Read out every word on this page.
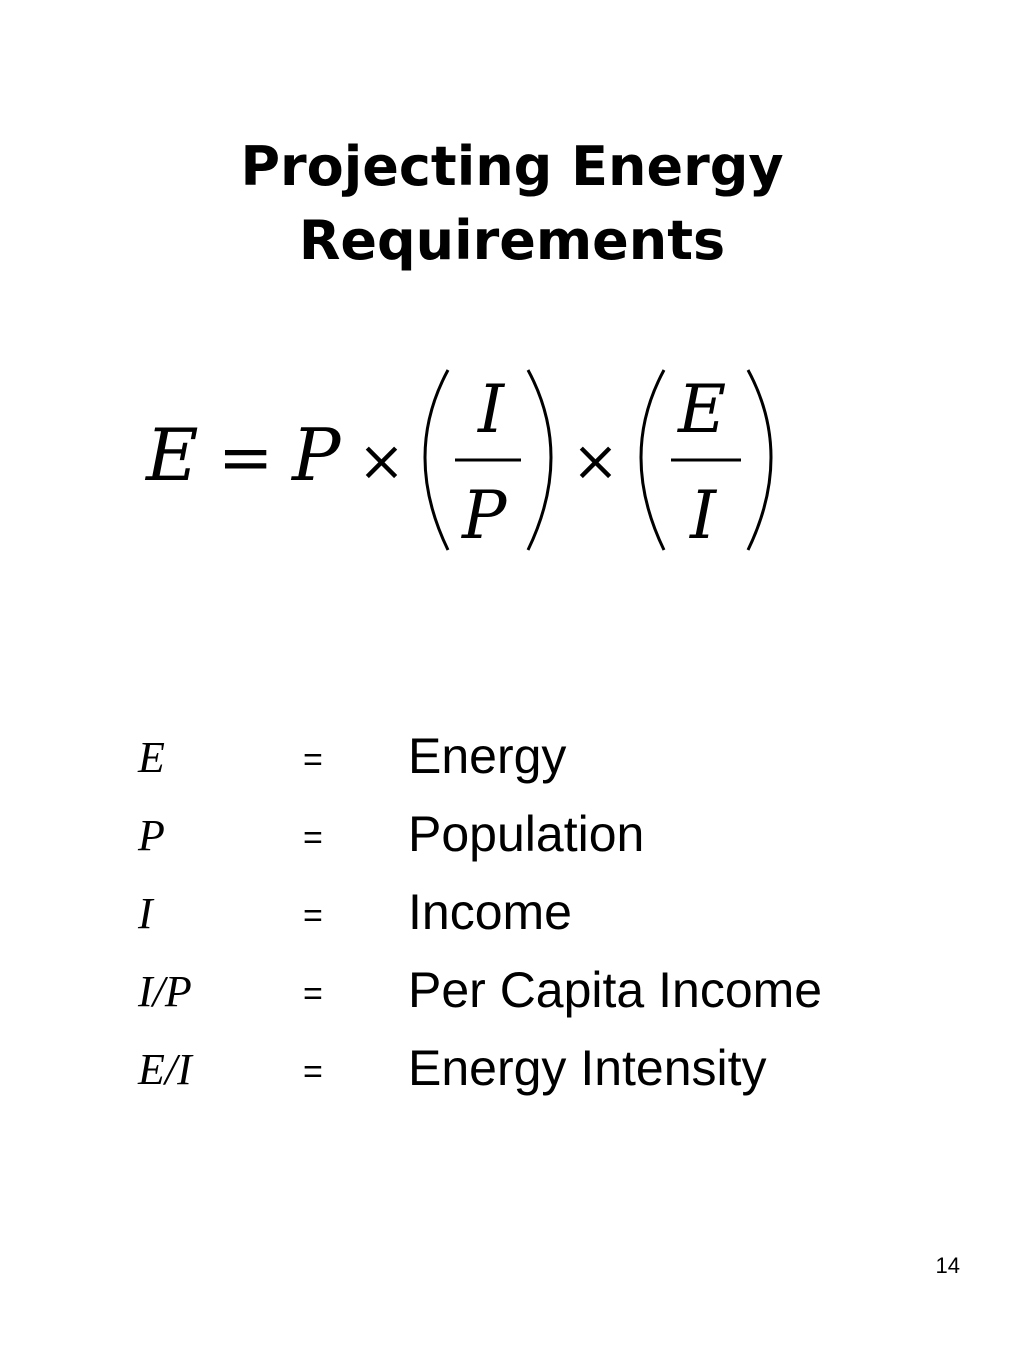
Projecting Energy
Requirements
E = P ×
I
P
×
E
I
E	= Energy
P	= Population
I	= Income
I/P	= Per Capita Income
E/I	= Energy Intensity
14
